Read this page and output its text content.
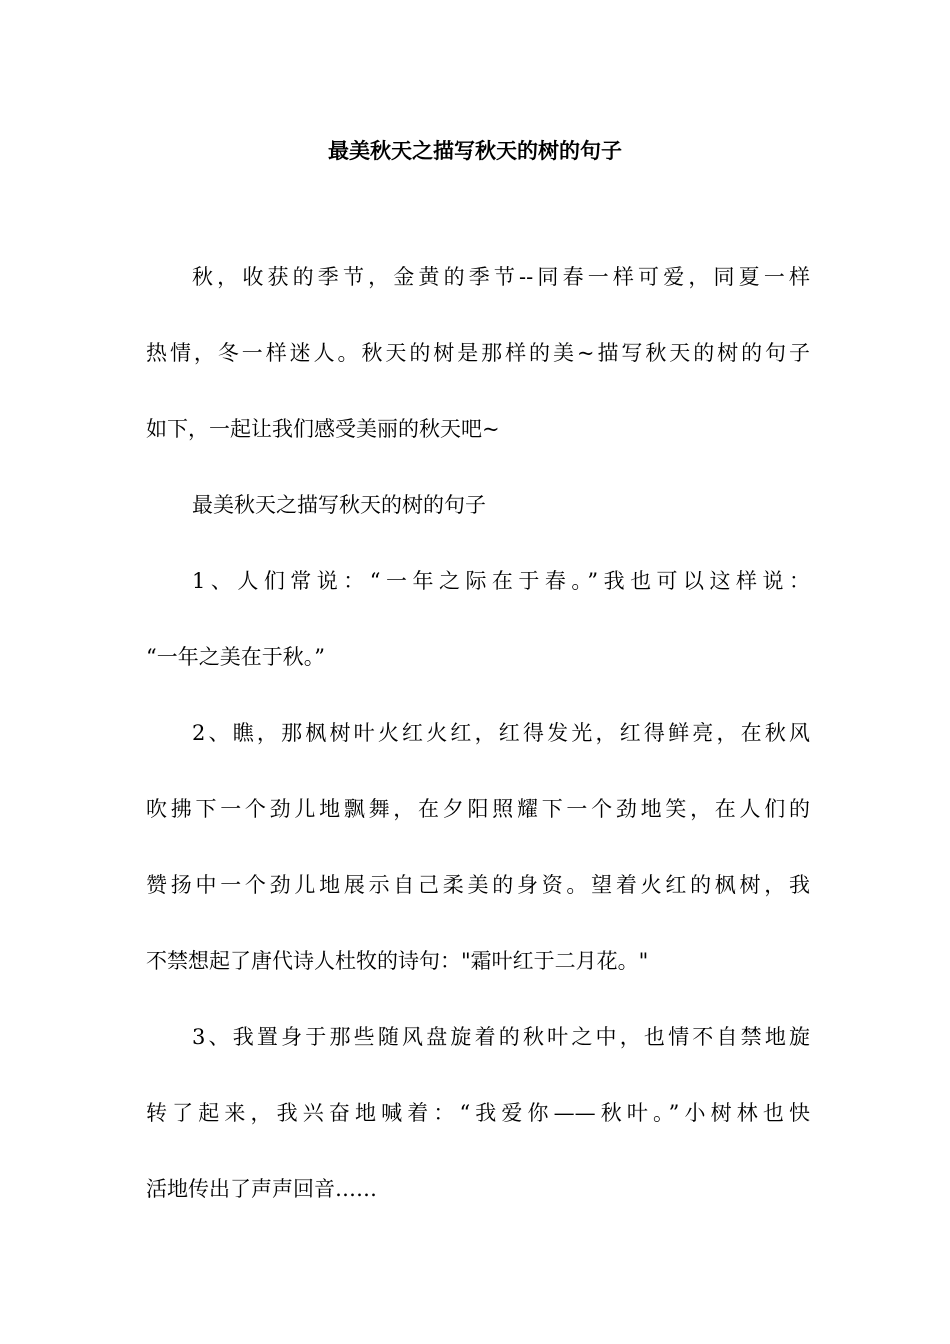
最美秋天之描写秋天的树的句子
秋，收获的季节，金黄的季节--同春一样可爱，同夏一样
热情，冬一样迷人。秋天的树是那样的美~描写秋天的树的句子
如下，一起让我们感受美丽的秋天吧~
最美秋天之描写秋天的树的句子
1、人们常说：“一年之际在于春。”我也可以这样说：
“一年之美在于秋。”
2、瞧，那枫树叶火红火红，红得发光，红得鲜亮，在秋风
吹拂下一个劲儿地飘舞，在夕阳照耀下一个劲地笑，在人们的
赞扬中一个劲儿地展示自己柔美的身资。望着火红的枫树，我
不禁想起了唐代诗人杜牧的诗句："霜叶红于二月花。"
3、我置身于那些随风盘旋着的秋叶之中，也情不自禁地旋
转了起来，我兴奋地喊着：“我爱你——秋叶。”小树林也快
活地传出了声声回音……
